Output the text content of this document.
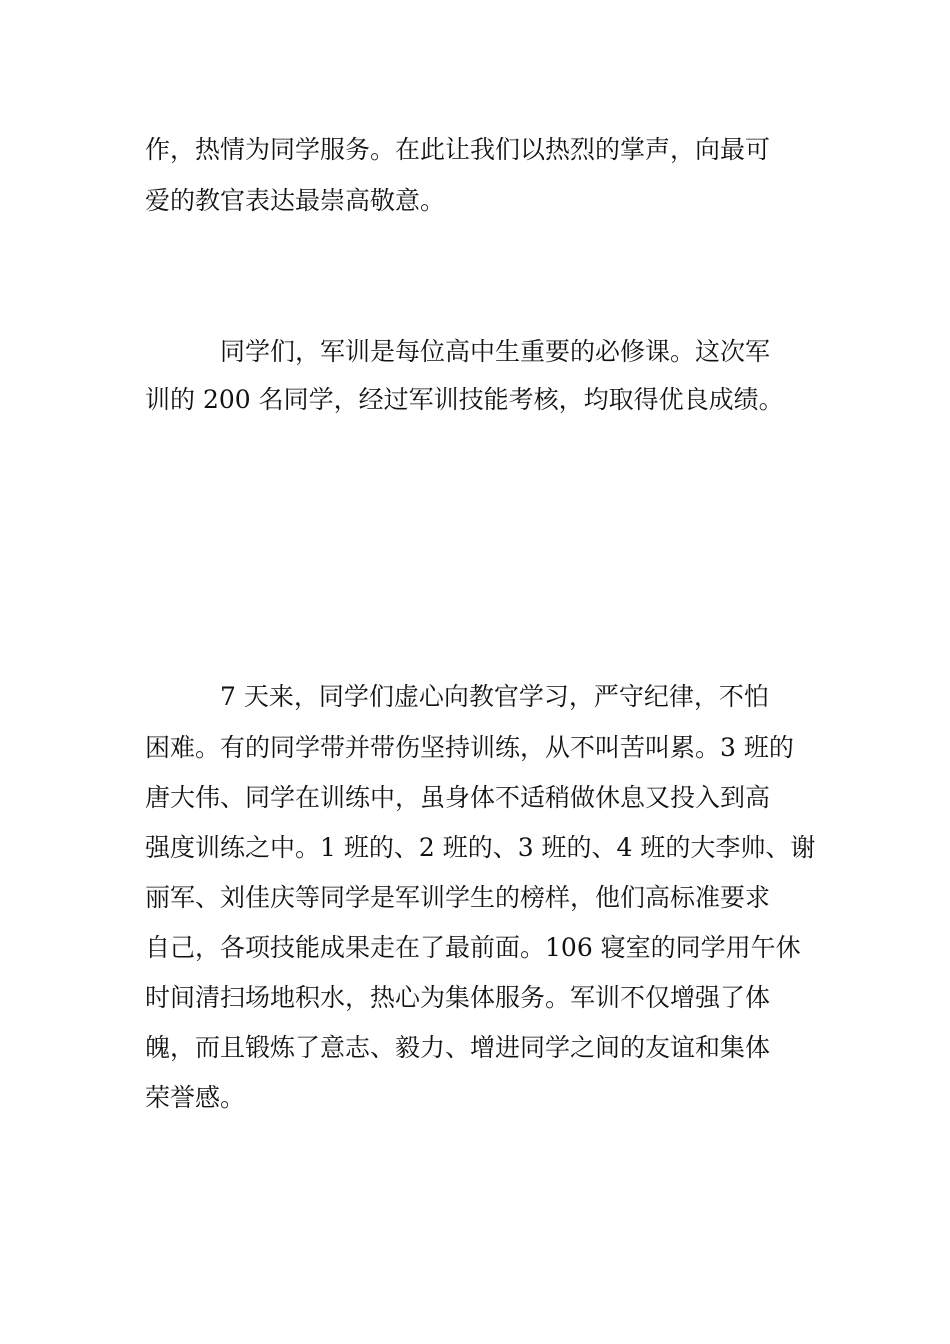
作，热情为同学服务。在此让我们以热烈的掌声，向最可
爱的教官表达最崇高敬意。
　　　同学们，军训是每位高中生重要的必修课。这次军
训的 200 名同学，经过军训技能考核，均取得优良成绩。
　　　7 天来，同学们虚心向教官学习，严守纪律，不怕
困难。有的同学带并带伤坚持训练，从不叫苦叫累。3 班的
唐大伟、同学在训练中，虽身体不适稍做休息又投入到高
强度训练之中。1 班的、2 班的、3 班的、4 班的大李帅、谢
丽军、刘佳庆等同学是军训学生的榜样，他们高标准要求
自己，各项技能成果走在了最前面。106 寝室的同学用午休
时间清扫场地积水，热心为集体服务。军训不仅增强了体
魄，而且锻炼了意志、毅力、增进同学之间的友谊和集体
荣誉感。
